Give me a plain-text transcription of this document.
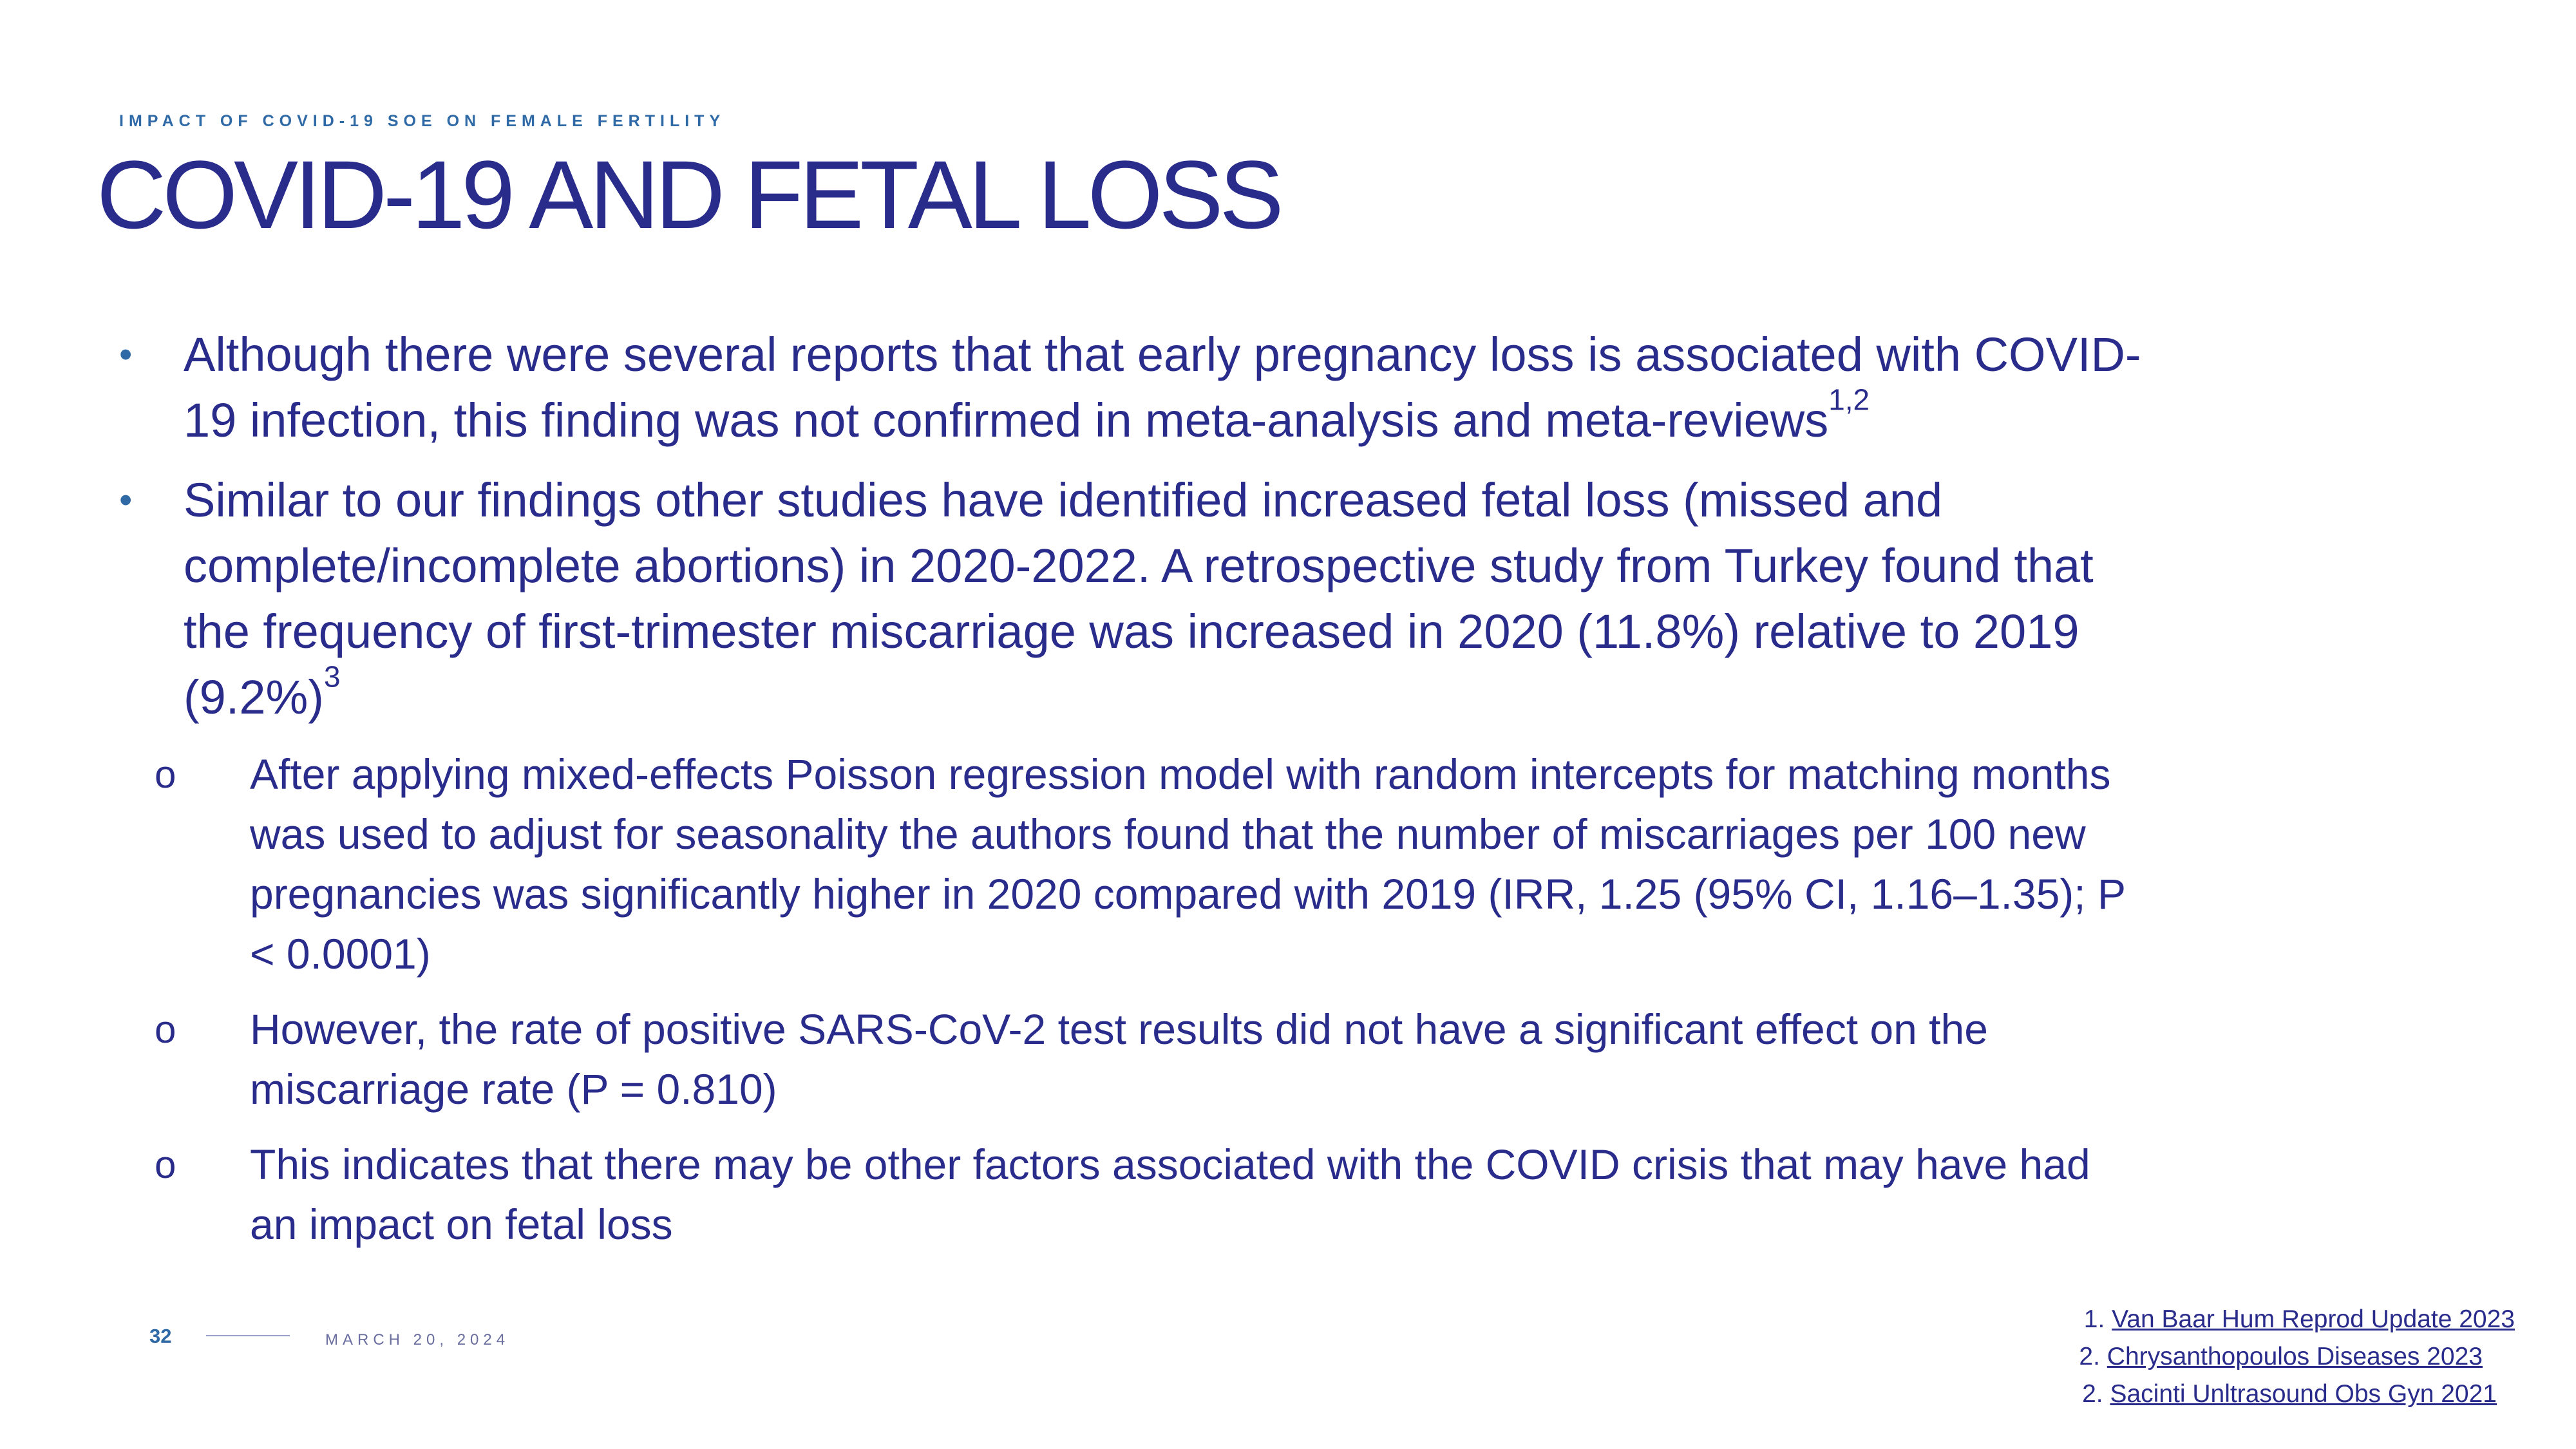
IMPACT OF COVID-19 SOE ON FEMALE FERTILITY
COVID-19 AND FETAL LOSS
•	Although there were several reports that that early pregnancy loss is associated with COVID-19 infection, this finding was not confirmed in meta-analysis and meta-reviews$^{1,2}$
•	Similar to our findings other studies have identified increased fetal loss (missed and complete/incomplete abortions) in 2020-2022. A retrospective study from Turkey found that the frequency of first-trimester miscarriage was increased in 2020 (11.8%) relative to 2019 $(9.2\%)^3$
o	After applying mixed-effects Poisson regression model with random intercepts for matching months was used to adjust for seasonality the authors found that the number of miscarriages per 100 new pregnancies was significantly higher in 2020 compared with 2019 (IRR, 1.25 (95% CI, 1.16–1.35); P < 0.0001)
o	However, the rate of positive SARS-CoV-2 test results did not have a significant effect on the miscarriage rate (P = 0.810)
o	This indicates that there may be other factors associated with the COVID crisis that may have had an impact on fetal loss
32	MARCH 20, 2024
1. Van Baar Hum Reprod Update 2023
2. Chrysanthopoulos Diseases 2023
2. Sacinti Unltrasound Obs Gyn 2021
